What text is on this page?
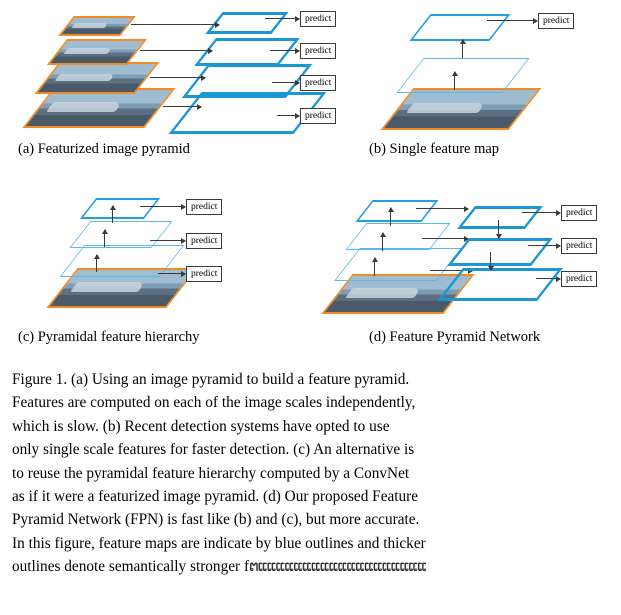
predict
predict
predict
predict
(a) Featurized image pyramid
predict
(b) Single feature map
predict
predict
predict
(c) Pyramidal feature hierarchy
predict
predict
predict
(d) Feature Pyramid Network
Figure 1. (a) Using an image pyramid to build a feature pyramid.
Features are computed on each of the image scales independently,
which is slow. (b) Recent detection systems have opted to use
only single scale features for faster detection. (c) An alternative is
to reuse the pyramidal feature hierarchy computed by a ConvNet
as if it were a featurized image pyramid. (d) Our proposed Feature
Pyramid Network (FPN) is fast like (b) and (c), but more accurate.
In this figure, feature maps are indicate by blue outlines and thicker
outlines denote semantically stronger fຕແແແແແແແແແແແແແແແແແແແ
